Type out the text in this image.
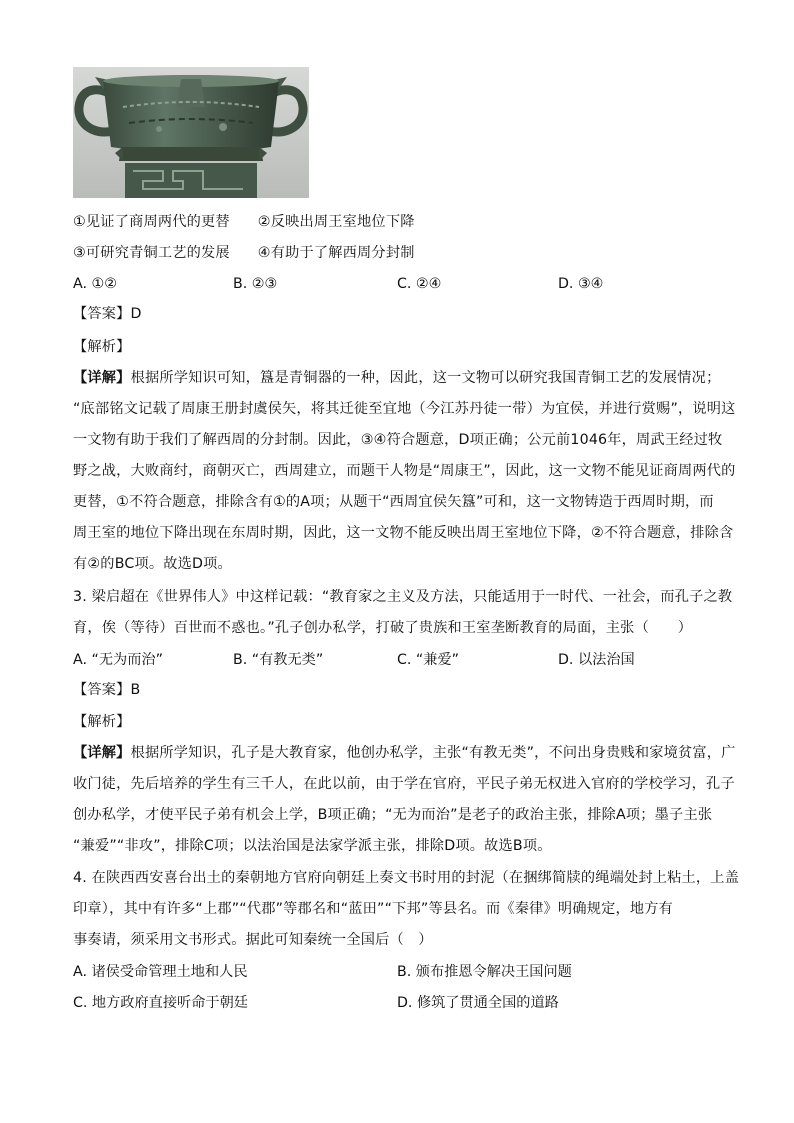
①见证了商周两代的更替 ②反映出周王室地位下降
③可研究青铜工艺的发展 ④有助于了解西周分封制
A. ①②	B. ②③	C. ②④	D. ③④
【答案】D
【解析】
【详解】根据所学知识可知，簋是青铜器的一种，因此，这一文物可以研究我国青铜工艺的发展情况；
“底部铭文记载了周康王册封虞侯矢，将其迁徙至宜地（今江苏丹徒一带）为宜侯，并进行赏赐”，说明这
一文物有助于我们了解西周的分封制。因此，③④符合题意，D项正确；公元前1046年，周武王经过牧
野之战，大败商纣，商朝灭亡，西周建立，而题干人物是“周康王”，因此，这一文物不能见证商周两代的
更替，①不符合题意，排除含有①的A项；从题干“西周宜侯矢簋”可和，这一文物铸造于西周时期，而
周王室的地位下降出现在东周时期，因此，这一文物不能反映出周王室地位下降，②不符合题意，排除含
有②的BC项。故选D项。
3. 梁启超在《世界伟人》中这样记载：“教育家之主义及方法，只能适用于一时代、一社会，而孔子之教
育，俟（等待）百世而不惑也。”孔子创办私学，打破了贵族和王室垄断教育的局面，主张（　　）
A. “无为而治”	B. “有教无类”	C. “兼爱”	D. 以法治国
【答案】B
【解析】
【详解】根据所学知识，孔子是大教育家，他创办私学，主张“有教无类”，不问出身贵贱和家境贫富，广
收门徒，先后培养的学生有三千人，在此以前，由于学在官府，平民子弟无权进入官府的学校学习，孔子
创办私学，才使平民子弟有机会上学，B项正确；“无为而治”是老子的政治主张，排除A项；墨子主张
“兼爱”“非攻”，排除C项；以法治国是法家学派主张，排除D项。故选B项。
4. 在陕西西安喜台出土的秦朝地方官府向朝廷上奏文书时用的封泥（在捆绑简牍的绳端处封上粘土，上盖
印章），其中有许多“上郡”“代郡”等郡名和“蓝田”“下邦”等县名。而《秦律》明确规定，地方有
事奏请，须采用文书形式。据此可知秦统一全国后（　）
A. 诸侯受命管理土地和人民	B. 颁布推恩令解决王国问题
C. 地方政府直接听命于朝廷	D. 修筑了贯通全国的道路
